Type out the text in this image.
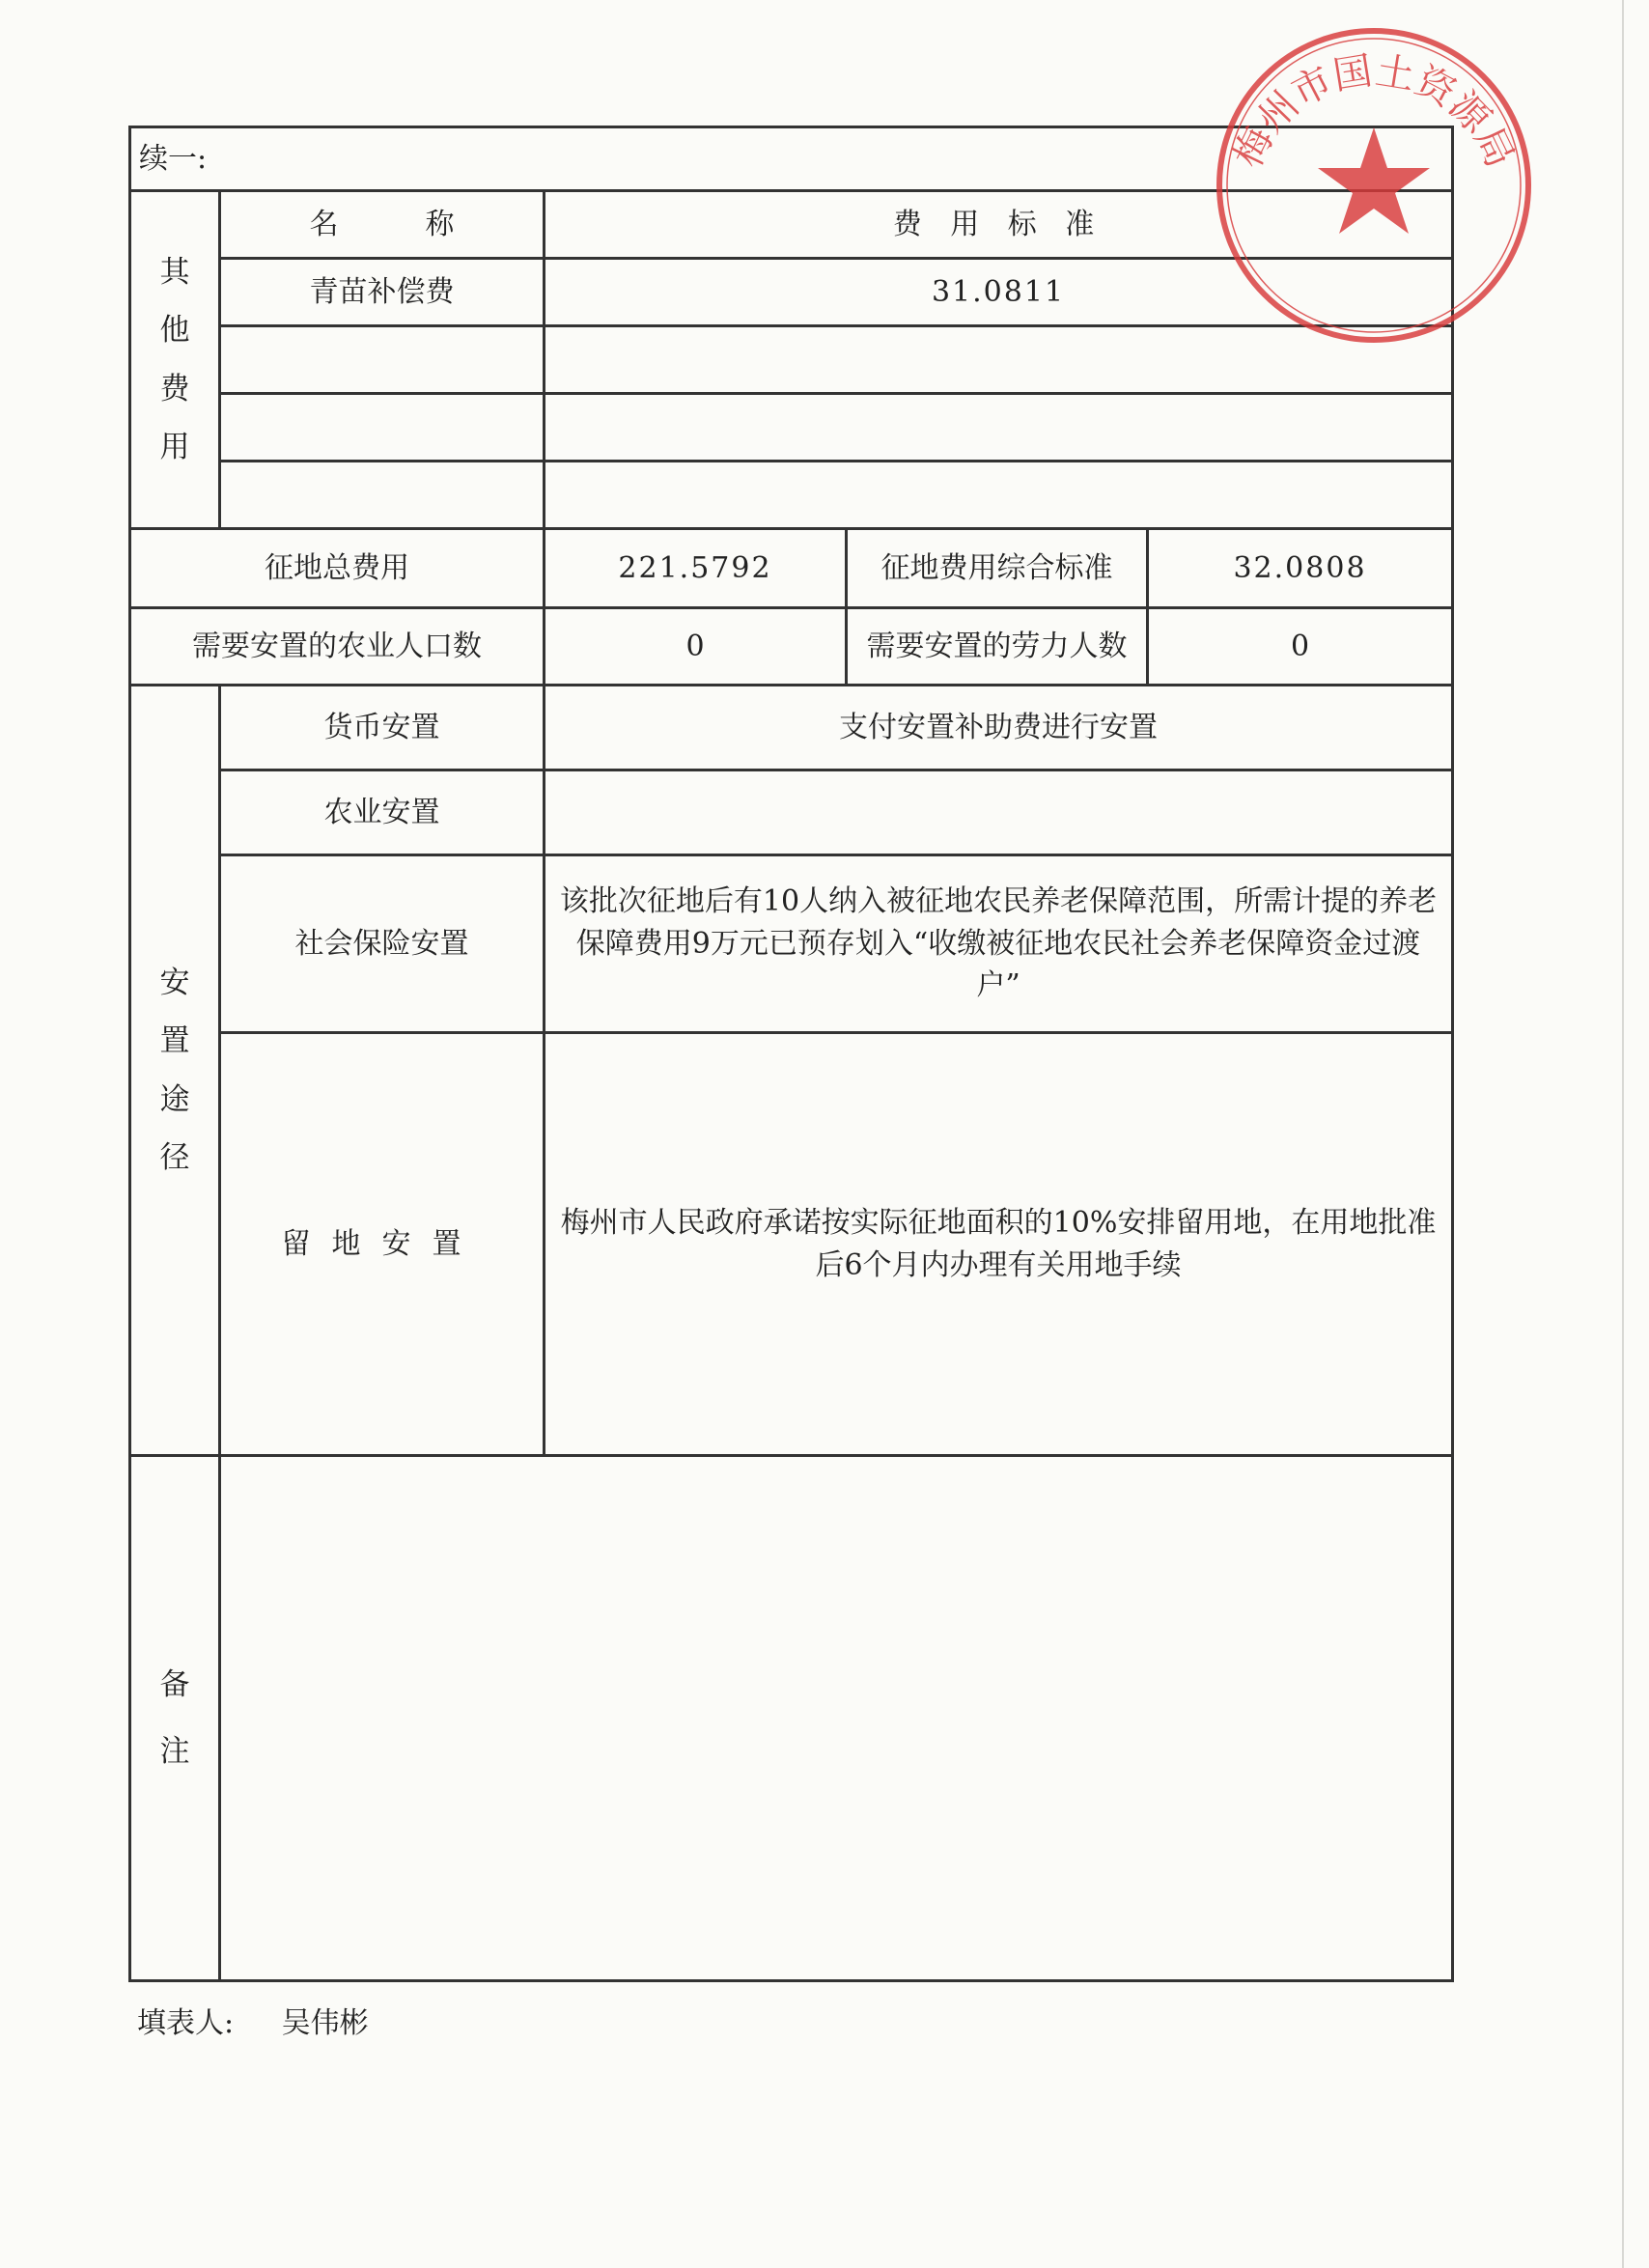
续一:				

其
他
费
用	名　　　称	费 用 标 准		
	青苗补偿费	31.0811		

征地总费用		221.5792	征地费用综合标准	32.0808
需要安置的农业人口数		0	需要安置的劳力人数	0

安
置
途
径	货币安置	支付安置补助费进行安置		
	农业安置			
	社会保险安置	该批次征地后有10人纳入被征地农民养老保障范围，所需计提的养老保障费用9万元已预存划入“收缴被征地农民社会养老保障资金过渡户”		
	留地安置	梅州市人民政府承诺按实际征地面积的10%安排留用地，在用地批准后6个月内办理有关用地手续		

备
注				

填表人: 吴伟彬
梅州市国土资源局
